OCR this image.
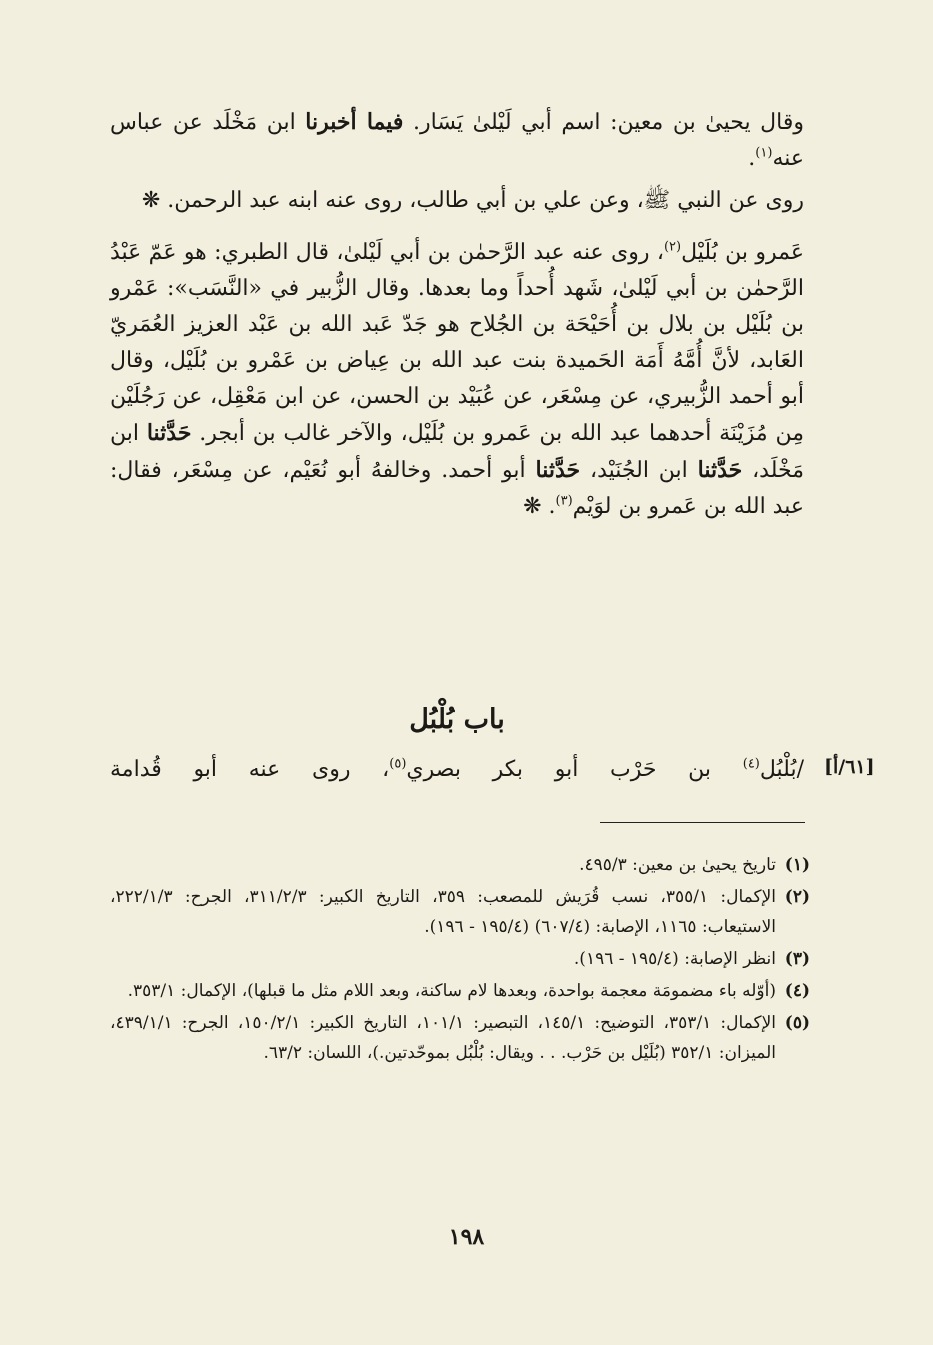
وقال يحيىٰ بن معين: اسم أبي لَيْلىٰ يَسَار. فيما أخبرنا ابن مَخْلَد عن عباس عنه$^{(١)}$.

روى عن النبي ﷺ، وعن علي بن أبي طالب، روى عنه ابنه عبد الرحمن. ❋

عَمرو بن بُلَيْل$^{(٢)}$، روى عنه عبد الرَّحمٰن بن أبي لَيْلىٰ، قال الطبري: هو عَمّ عَبْدُ الرَّحمٰن بن أبي لَيْلىٰ، شَهد أُحداً وما بعدها. وقال الزُّبير في «النَّسَب»: عَمْرو بن بُلَيْل بن بلال بن أُحَيْحَة بن الجُلاح هو جَدّ عَبد الله بن عَبْد العزيز العُمَريّ العَابد، لأنَّ أُمَّهُ أَمَة الحَميدة بنت عبد الله بن عِياض بن عَمْرو بن بُلَيْل، وقال أبو أحمد الزُّبيري، عن مِسْعَر، عن عُبَيْد بن الحسن، عن ابن مَعْقِل، عن رَجُلَيْن مِن مُزَيْنَة أحدهما عبد الله بن عَمرو بن بُلَيْل، والآخر غالب بن أبجر. حَدَّثنا ابن مَخْلَد، حَدَّثنا ابن الجُنَيْد، حَدَّثنا أبو أحمد. وخالفهُ أبو نُعَيْم، عن مِسْعَر، فقال: عبد الله بن عَمرو بن لوَيْم$^{(٣)}$. ❋

باب بُلْبُل
/بُلْبُل$^{(٤)}$ بن حَرْب أبو بكر بصري$^{(٥)}$، روى عنه أبو قُدامة	[٦١/أ]
(١)
تاريخ يحيىٰ بن معين: ٤٩٥/٣.
(٢)
الإكمال: ٣٥٥/١، نسب قُرَيش للمصعب: ٣٥٩، التاريخ الكبير: ٣١١/٢/٣، الجرح: ٢٢٢/١/٣، الاستيعاب: ١١٦٥، الإصابة: (٦٠٧/٤) (١٩٥/٤ - ١٩٦).
(٣)
انظر الإصابة: (١٩٥/٤ - ١٩٦).
(٤)
(أوّله باء مضمومَة معجمة بواحدة، وبعدها لام ساكنة، وبعد اللام مثل ما قبلها)، الإكمال: ٣٥٣/١.
(٥)
الإكمال: ٣٥٣/١، التوضيح: ١٤٥/١، التبصير: ١٠١/١، التاريخ الكبير: ١٥٠/٢/١، الجرح: ٤٣٩/١/١، الميزان: ٣٥٢/١ (بُلَيْل بن حَرْب. . . ويقال: بُلْبُل بموحّدتين.)، اللسان: ٦٣/٢.
١٩٨
